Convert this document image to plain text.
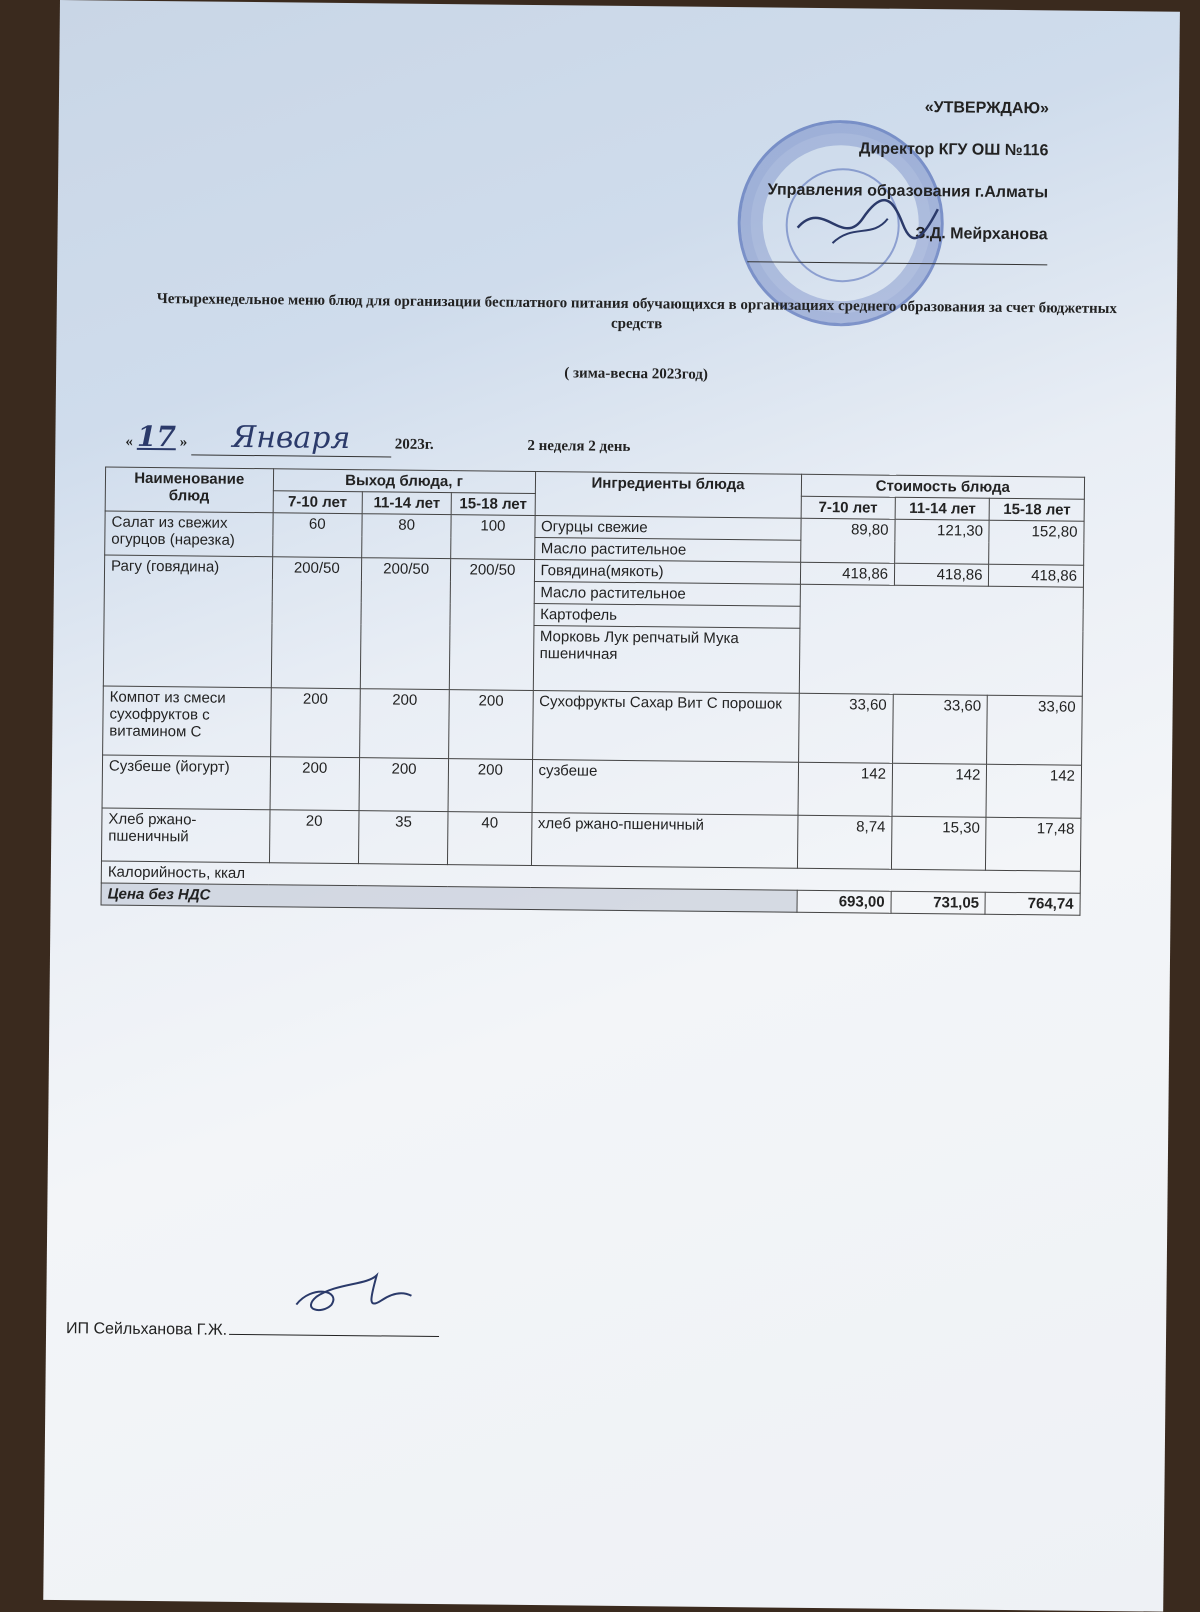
«УТВЕРЖДАЮ»
Директор КГУ ОШ №116
Управления образования г.Алматы
З.Д. Мейрханова
Четырехнедельное меню блюд для организации бесплатного питания обучающихся в организациях среднего образования за счет бюджетных средств
( зима-весна 2023год)
« 17 » Января	2023г.	2 неделя 2 день
Наименование блюд	Выход блюда, г			Ингредиенты блюда	Стоимость блюда		
	7-10 лет	11-14 лет	15-18 лет		7-10 лет	11-14 лет	15-18 лет
Салат из свежих огурцов (нарезка)	60	80	100	Огурцы свежие	89,80	121,30	152,80
				Масло растительное			
Рагу (говядина)	200/50	200/50	200/50	Говядина(мякоть)	418,86	418,86	418,86
				Масло растительное			
				Картофель			
				Морковь Лук репчатый Мука пшеничная			
Компот из смеси сухофруктов с витамином С	200	200	200	Сухофрукты Сахар Вит С порошок	33,60	33,60	33,60
Сузбеше (йогурт)	200	200	200	сузбеше	142	142	142
Хлеб ржано-пшеничный	20	35	40	хлеб ржано-пшеничный	8,74	15,30	17,48
Калорийность, ккал							
Цена без НДС					693,00	731,05	764,74
ИП Сейльханова Г.Ж.
